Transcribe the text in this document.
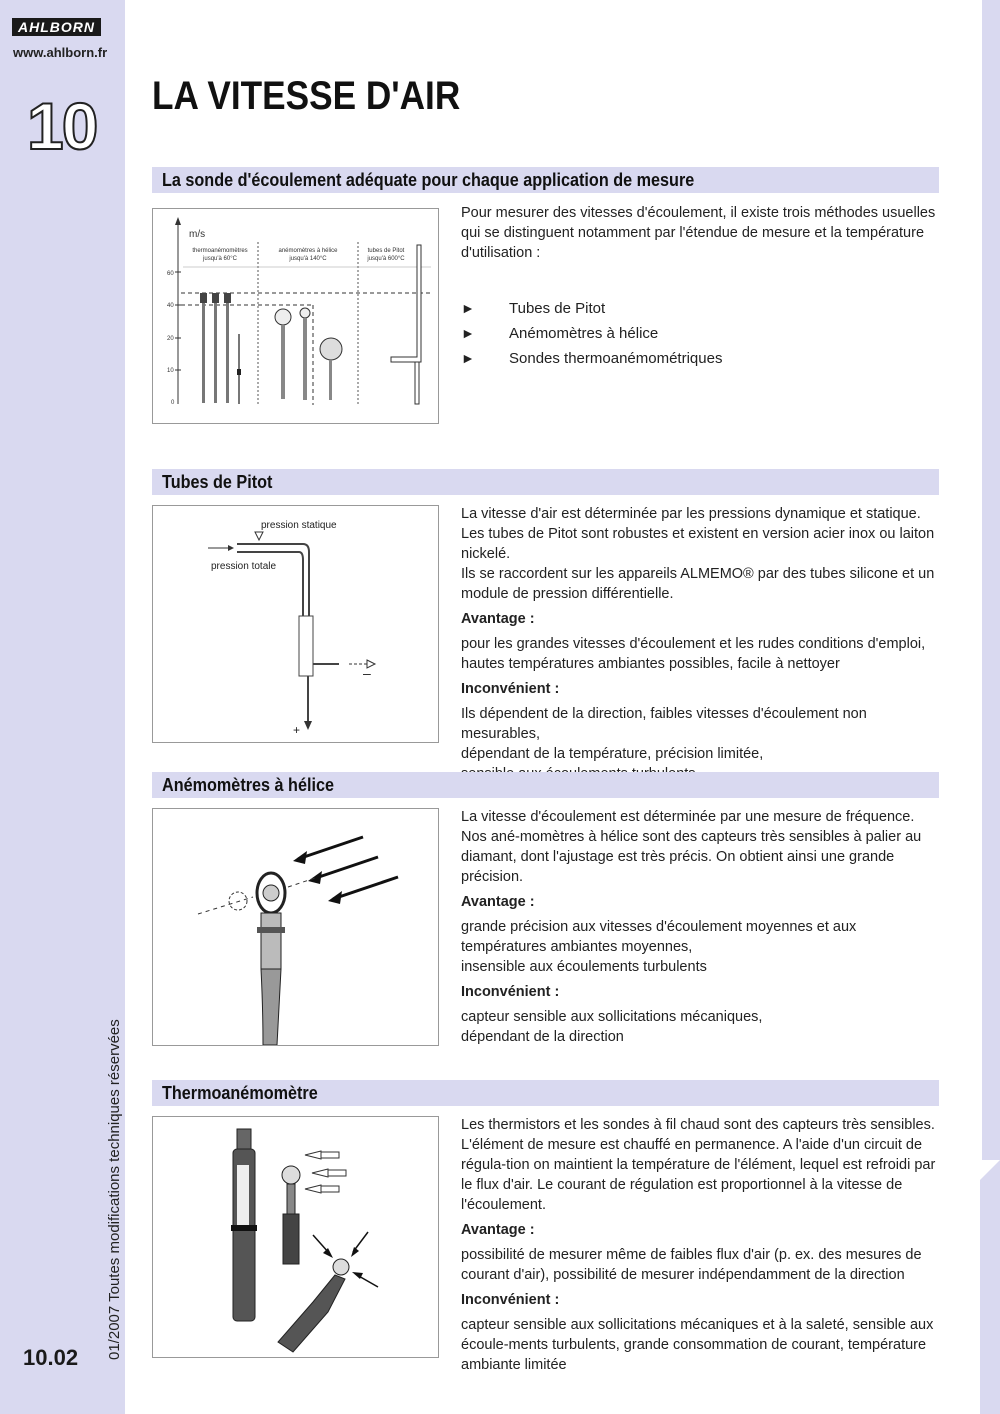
AHLBORN
www.ahlborn.fr
10 LA VITESSE D'AIR
10.02 01/2007 Toutes modifications techniques réservées
La sonde d'écoulement adéquate pour chaque application de mesure
m/s
60
40
20
10
0
thermoanémomètres
jusqu'à 60°C
anémomètres à hélice
jusqu'à 140°C
tubes de Pitot
jusqu'à 600°C
Pour mesurer des vitesses d'écoulement, il existe trois méthodes usuelles qui se distinguent notamment par l'étendue de mesure et la température d'utilisation :
►	Tubes de Pitot
►	Anémomètres à hélice
►	Sondes thermoanémométriques
Tubes de Pitot
pression statique
pression totale
–
+

La vitesse d'air est déterminée par les pressions dynamique et statique.

Les tubes de Pitot sont robustes et existent en version acier inox ou laiton nickelé.

Ils se raccordent sur les appareils ALMEMO® par des tubes silicone et un module de pression différentielle.

Avantage :

pour les grandes vitesses d'écoulement et les rudes conditions d'emploi, hautes températures ambiantes possibles, facile à nettoyer

Inconvénient :

Ils dépendent de la direction, faibles vitesses d'écoulement non mesurables,

dépendant de la température, précision limitée,

Anémomètres à hélice

La vitesse d'écoulement est déterminée par une mesure de fréquence. Nos ané-momètres à hélice sont des capteurs très sensibles à palier au diamant, dont l'ajustage est très précis. On obtient ainsi une grande précision.

Avantage :

grande précision aux vitesses d'écoulement moyennes et aux températures ambiantes moyennes,

insensible aux écoulements turbulents

Inconvénient :

capteur sensible aux sollicitations mécaniques,

dépendant de la direction

Thermoanémomètre

Les thermistors et les sondes à fil chaud sont des capteurs très sensibles. L'élément de mesure est chauffé en permanence. A l'aide d'un circuit de régula-tion on maintient la température de l'élément, lequel est refroidi par le flux d'air. Le courant de régulation est proportionnel à la vitesse de l'écoulement.

Avantage :

possibilité de mesurer même de faibles flux d'air (p. ex. des mesures de courant d'air), possibilité de mesurer indépendamment de la direction

Inconvénient :

capteur sensible aux sollicitations mécaniques et à la saleté, sensible aux écoule-ments turbulents, grande consommation de courant, température ambiante limitée
